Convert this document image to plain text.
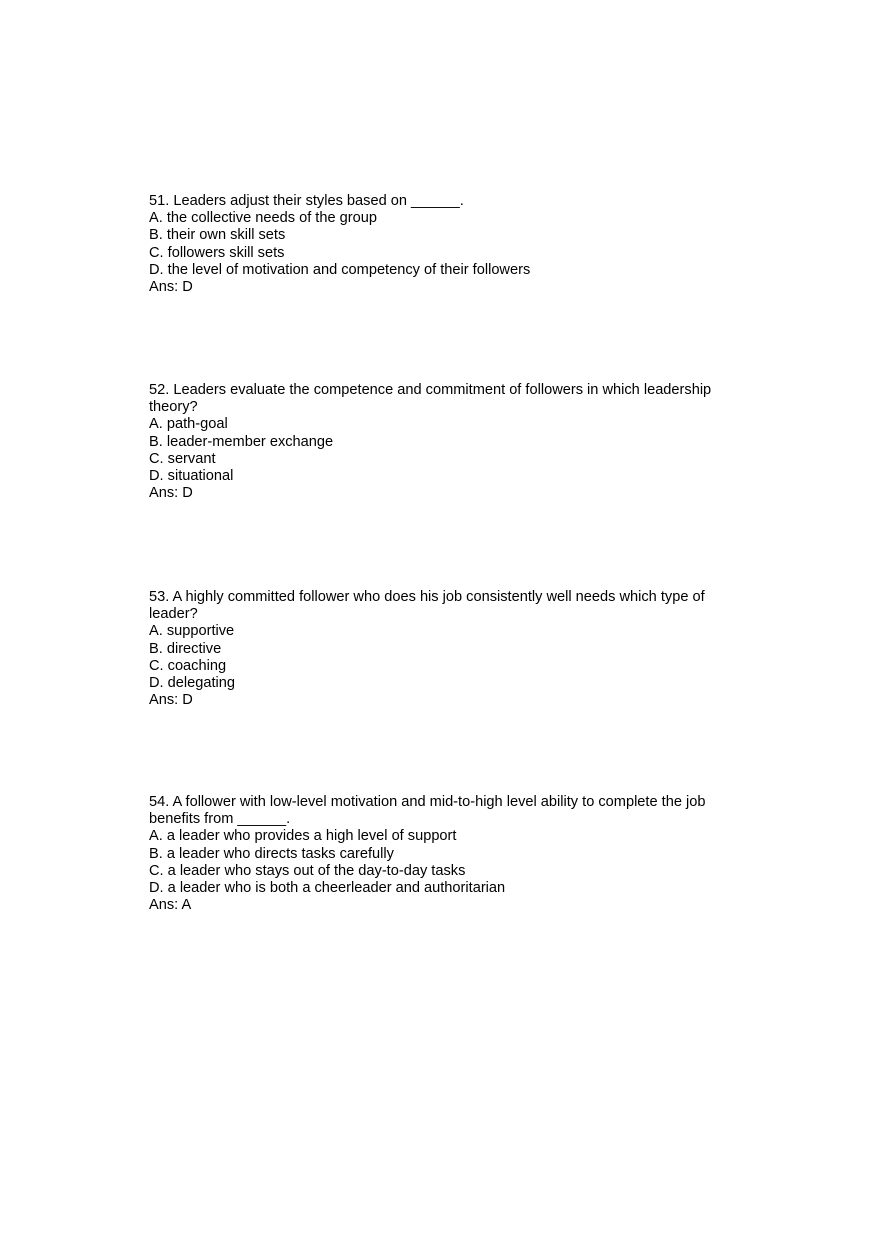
51. Leaders adjust their styles based on ______.
A. the collective needs of the group
B. their own skill sets
C. followers skill sets
D. the level of motivation and competency of their followers
Ans: D
52. Leaders evaluate the competence and commitment of followers in which leadership theory?
A. path-goal
B. leader-member exchange
C. servant
D. situational
Ans: D
53. A highly committed follower who does his job consistently well needs which type of leader?
A. supportive
B. directive
C. coaching
D. delegating
Ans: D
54. A follower with low-level motivation and mid-to-high level ability to complete the job benefits from ______.
A. a leader who provides a high level of support
B. a leader who directs tasks carefully
C. a leader who stays out of the day-to-day tasks
D. a leader who is both a cheerleader and authoritarian
Ans: A
